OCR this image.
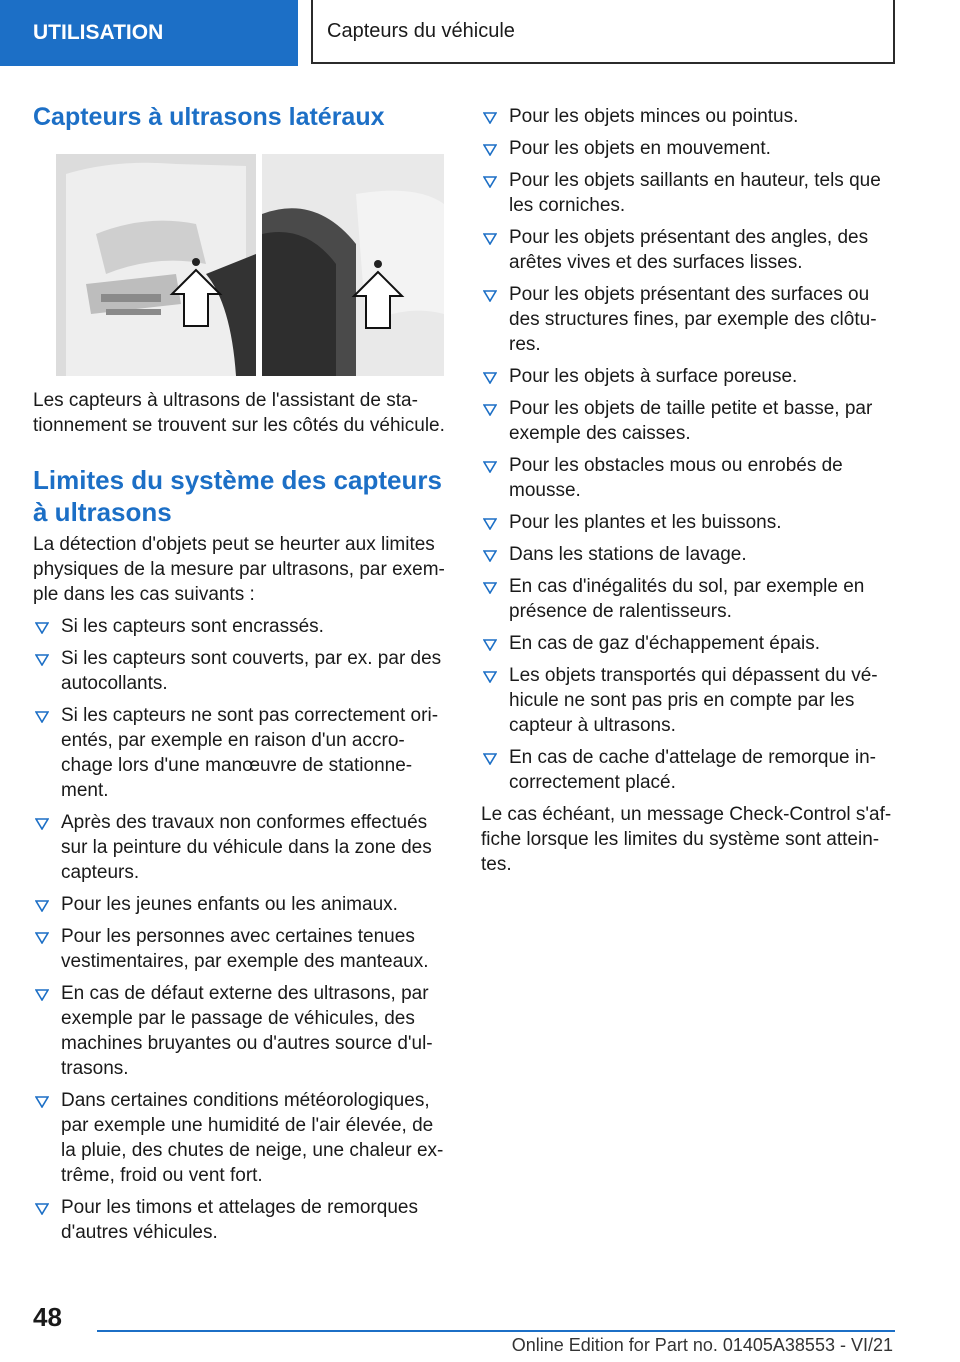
UTILISATION	Capteurs du véhicule
Capteurs à ultrasons latéraux

Les capteurs à ultrasons de l'assistant de stationnement se trouvent sur les côtés du véhicule.

Limites du système des capteurs à ultrasons

La détection d'objets peut se heurter aux limites physiques de la mesure par ultrasons, par exemple dans les cas suivants :

Si les capteurs sont encrassés.
Si les capteurs sont couverts, par ex. par des autocollants.
Si les capteurs ne sont pas correctement orientés, par exemple en raison d'un accrochage lors d'une manœuvre de stationnement.
Après des travaux non conformes effectués sur la peinture du véhicule dans la zone des capteurs.
Pour les jeunes enfants ou les animaux.
Pour les personnes avec certaines tenues vestimentaires, par exemple des manteaux.
En cas de défaut externe des ultrasons, par exemple par le passage de véhicules, des machines bruyantes ou d'autres source d'ultrasons.
Dans certaines conditions météorologiques, par exemple une humidité de l'air élevée, de la pluie, des chutes de neige, une chaleur extrême, froid ou vent fort.
Pour les timons et attelages de remorques d'autres véhicules.
Pour les objets minces ou pointus.
Pour les objets en mouvement.
Pour les objets saillants en hauteur, tels que les corniches.
Pour les objets présentant des angles, des arêtes vives et des surfaces lisses.
Pour les objets présentant des surfaces ou des structures fines, par exemple des clôtures.
Pour les objets à surface poreuse.
Pour les objets de taille petite et basse, par exemple des caisses.
Pour les obstacles mous ou enrobés de mousse.
Pour les plantes et les buissons.
Dans les stations de lavage.
En cas d'inégalités du sol, par exemple en présence de ralentisseurs.
En cas de gaz d'échappement épais.
Les objets transportés qui dépassent du véhicule ne sont pas pris en compte par les capteur à ultrasons.
En cas de cache d'attelage de remorque incorrectement placé.

Le cas échéant, un message Check-Control s'affiche lorsque les limites du système sont atteintes.

48
Online Edition for Part no. 01405A38553 - VI/21
